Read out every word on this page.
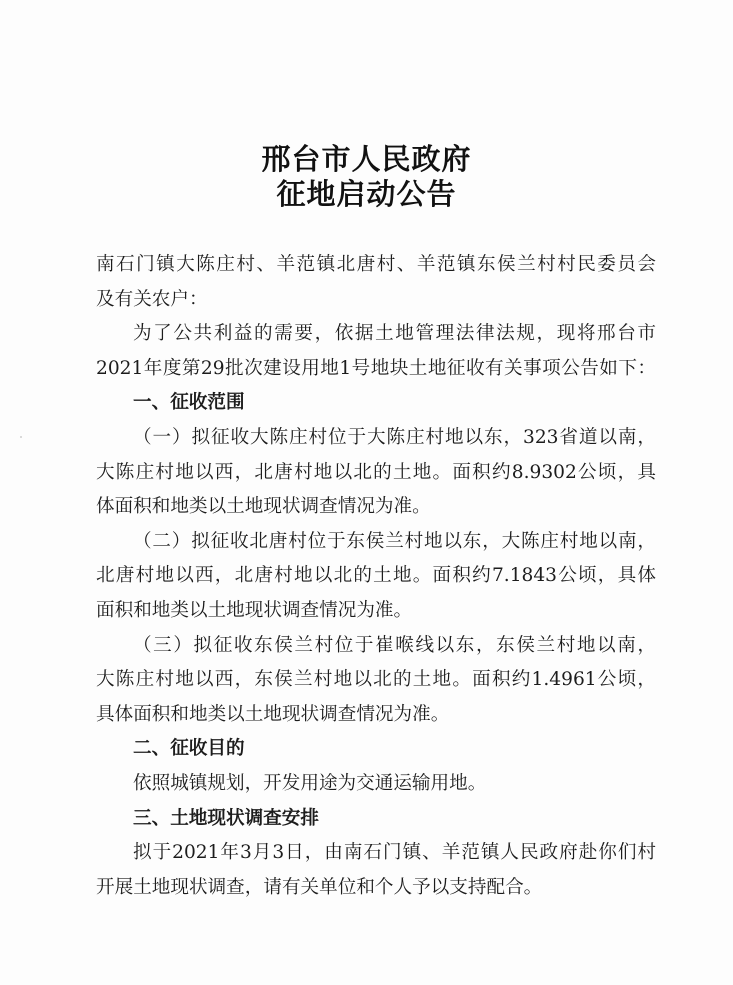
邢台市人民政府
征地启动公告
南石门镇大陈庄村、羊范镇北唐村、羊范镇东侯兰村村民委员会
及有关农户：
为了公共利益的需要，依据土地管理法律法规，现将邢台市
2021年度第29批次建设用地1号地块土地征收有关事项公告如下：
一、征收范围
（一）拟征收大陈庄村位于大陈庄村地以东，323省道以南，
大陈庄村地以西，北唐村地以北的土地。面积约8.9302公顷，具
体面积和地类以土地现状调查情况为准。
（二）拟征收北唐村位于东侯兰村地以东，大陈庄村地以南，
北唐村地以西，北唐村地以北的土地。面积约7.1843公顷，具体
面积和地类以土地现状调查情况为准。
（三）拟征收东侯兰村位于崔喉线以东，东侯兰村地以南，
大陈庄村地以西，东侯兰村地以北的土地。面积约1.4961公顷，
具体面积和地类以土地现状调查情况为准。
二、征收目的
依照城镇规划，开发用途为交通运输用地。
三、土地现状调查安排
拟于2021年3月3日，由南石门镇、羊范镇人民政府赴你们村
开展土地现状调查，请有关单位和个人予以支持配合。
